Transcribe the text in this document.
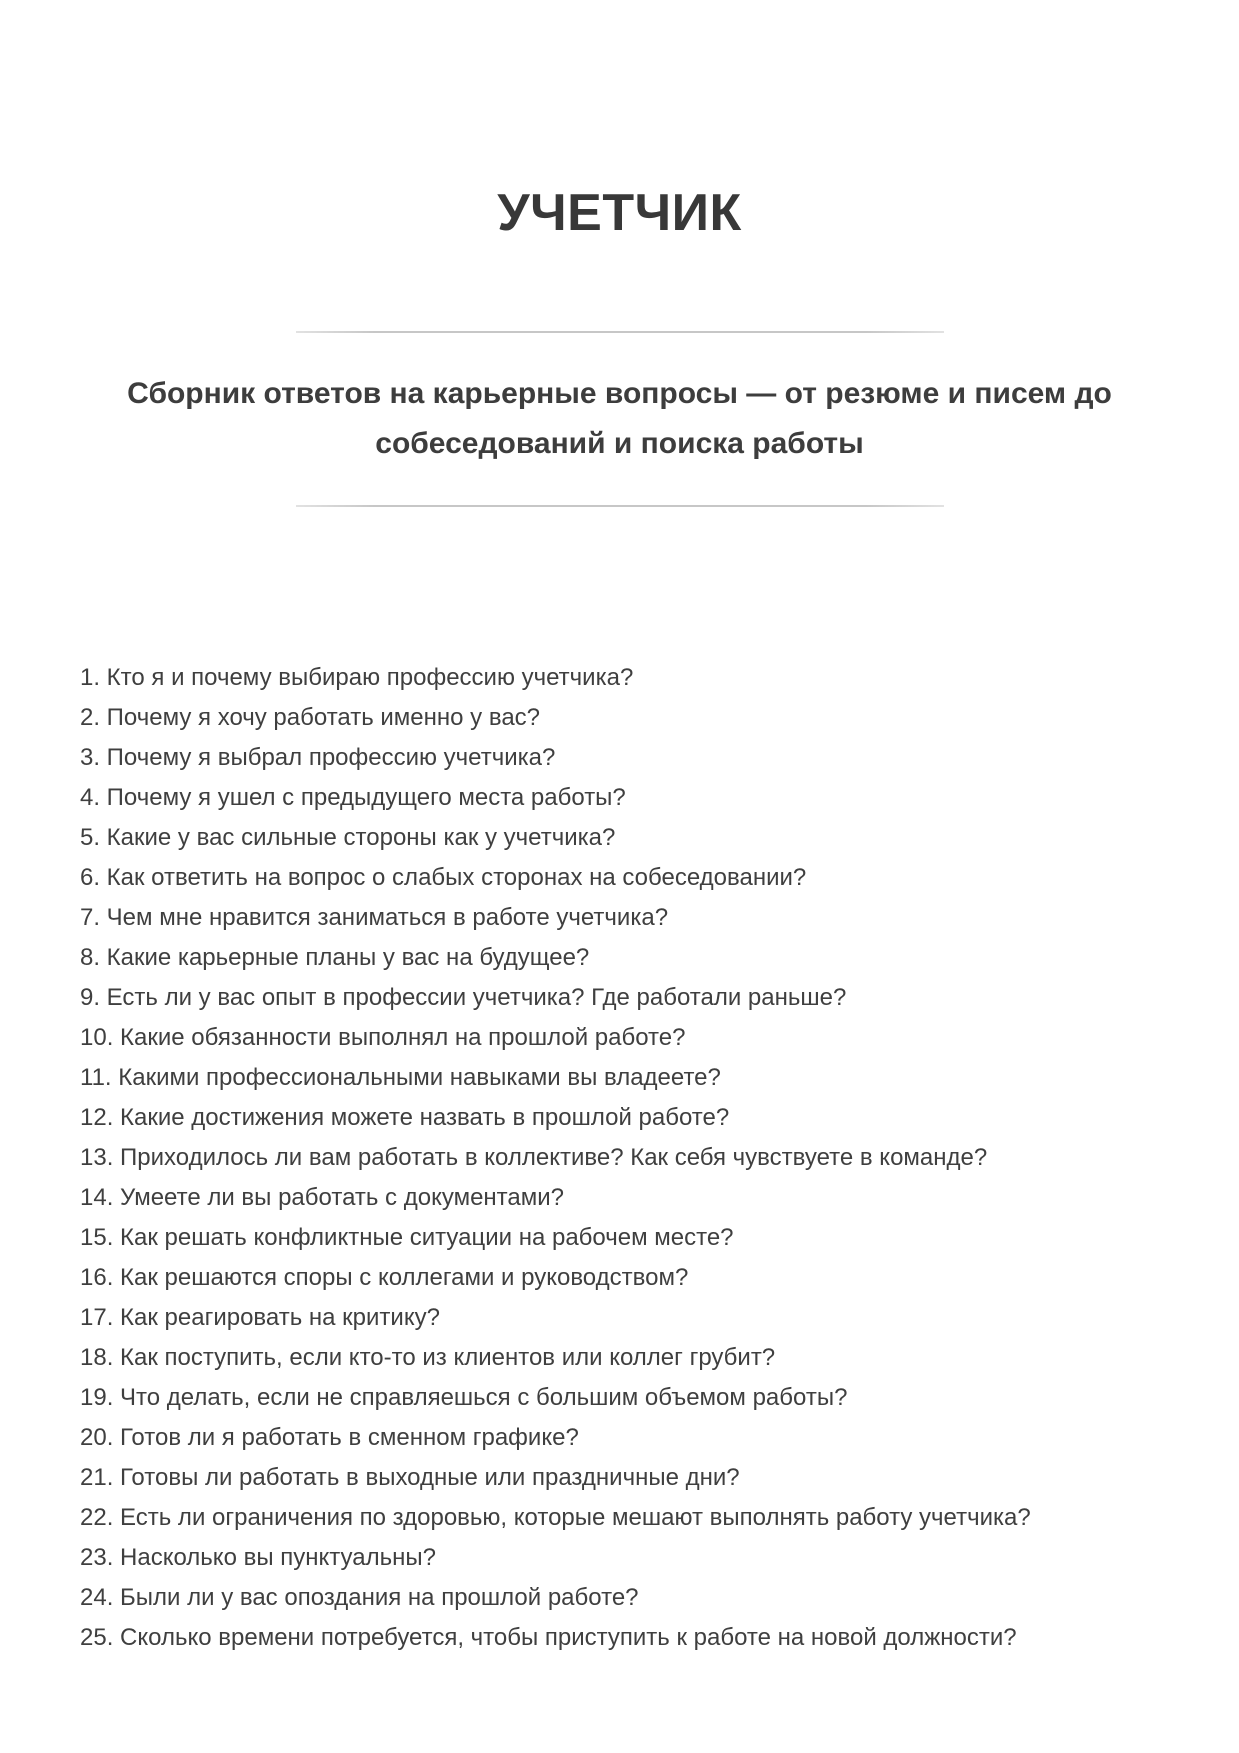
УЧЕТЧИК
Сборник ответов на карьерные вопросы — от резюме и писем до
собеседований и поиска работы
1. Кто я и почему выбираю профессию учетчика?
2. Почему я хочу работать именно у вас?
3. Почему я выбрал профессию учетчика?
4. Почему я ушел с предыдущего места работы?
5. Какие у вас сильные стороны как у учетчика?
6. Как ответить на вопрос о слабых сторонах на собеседовании?
7. Чем мне нравится заниматься в работе учетчика?
8. Какие карьерные планы у вас на будущее?
9. Есть ли у вас опыт в профессии учетчика? Где работали раньше?
10. Какие обязанности выполнял на прошлой работе?
11. Какими профессиональными навыками вы владеете?
12. Какие достижения можете назвать в прошлой работе?
13. Приходилось ли вам работать в коллективе? Как себя чувствуете в команде?
14. Умеете ли вы работать с документами?
15. Как решать конфликтные ситуации на рабочем месте?
16. Как решаются споры с коллегами и руководством?
17. Как реагировать на критику?
18. Как поступить, если кто-то из клиентов или коллег грубит?
19. Что делать, если не справляешься с большим объемом работы?
20. Готов ли я работать в сменном графике?
21. Готовы ли работать в выходные или праздничные дни?
22. Есть ли ограничения по здоровью, которые мешают выполнять работу учетчика?
23. Насколько вы пунктуальны?
24. Были ли у вас опоздания на прошлой работе?
25. Сколько времени потребуется, чтобы приступить к работе на новой должности?
